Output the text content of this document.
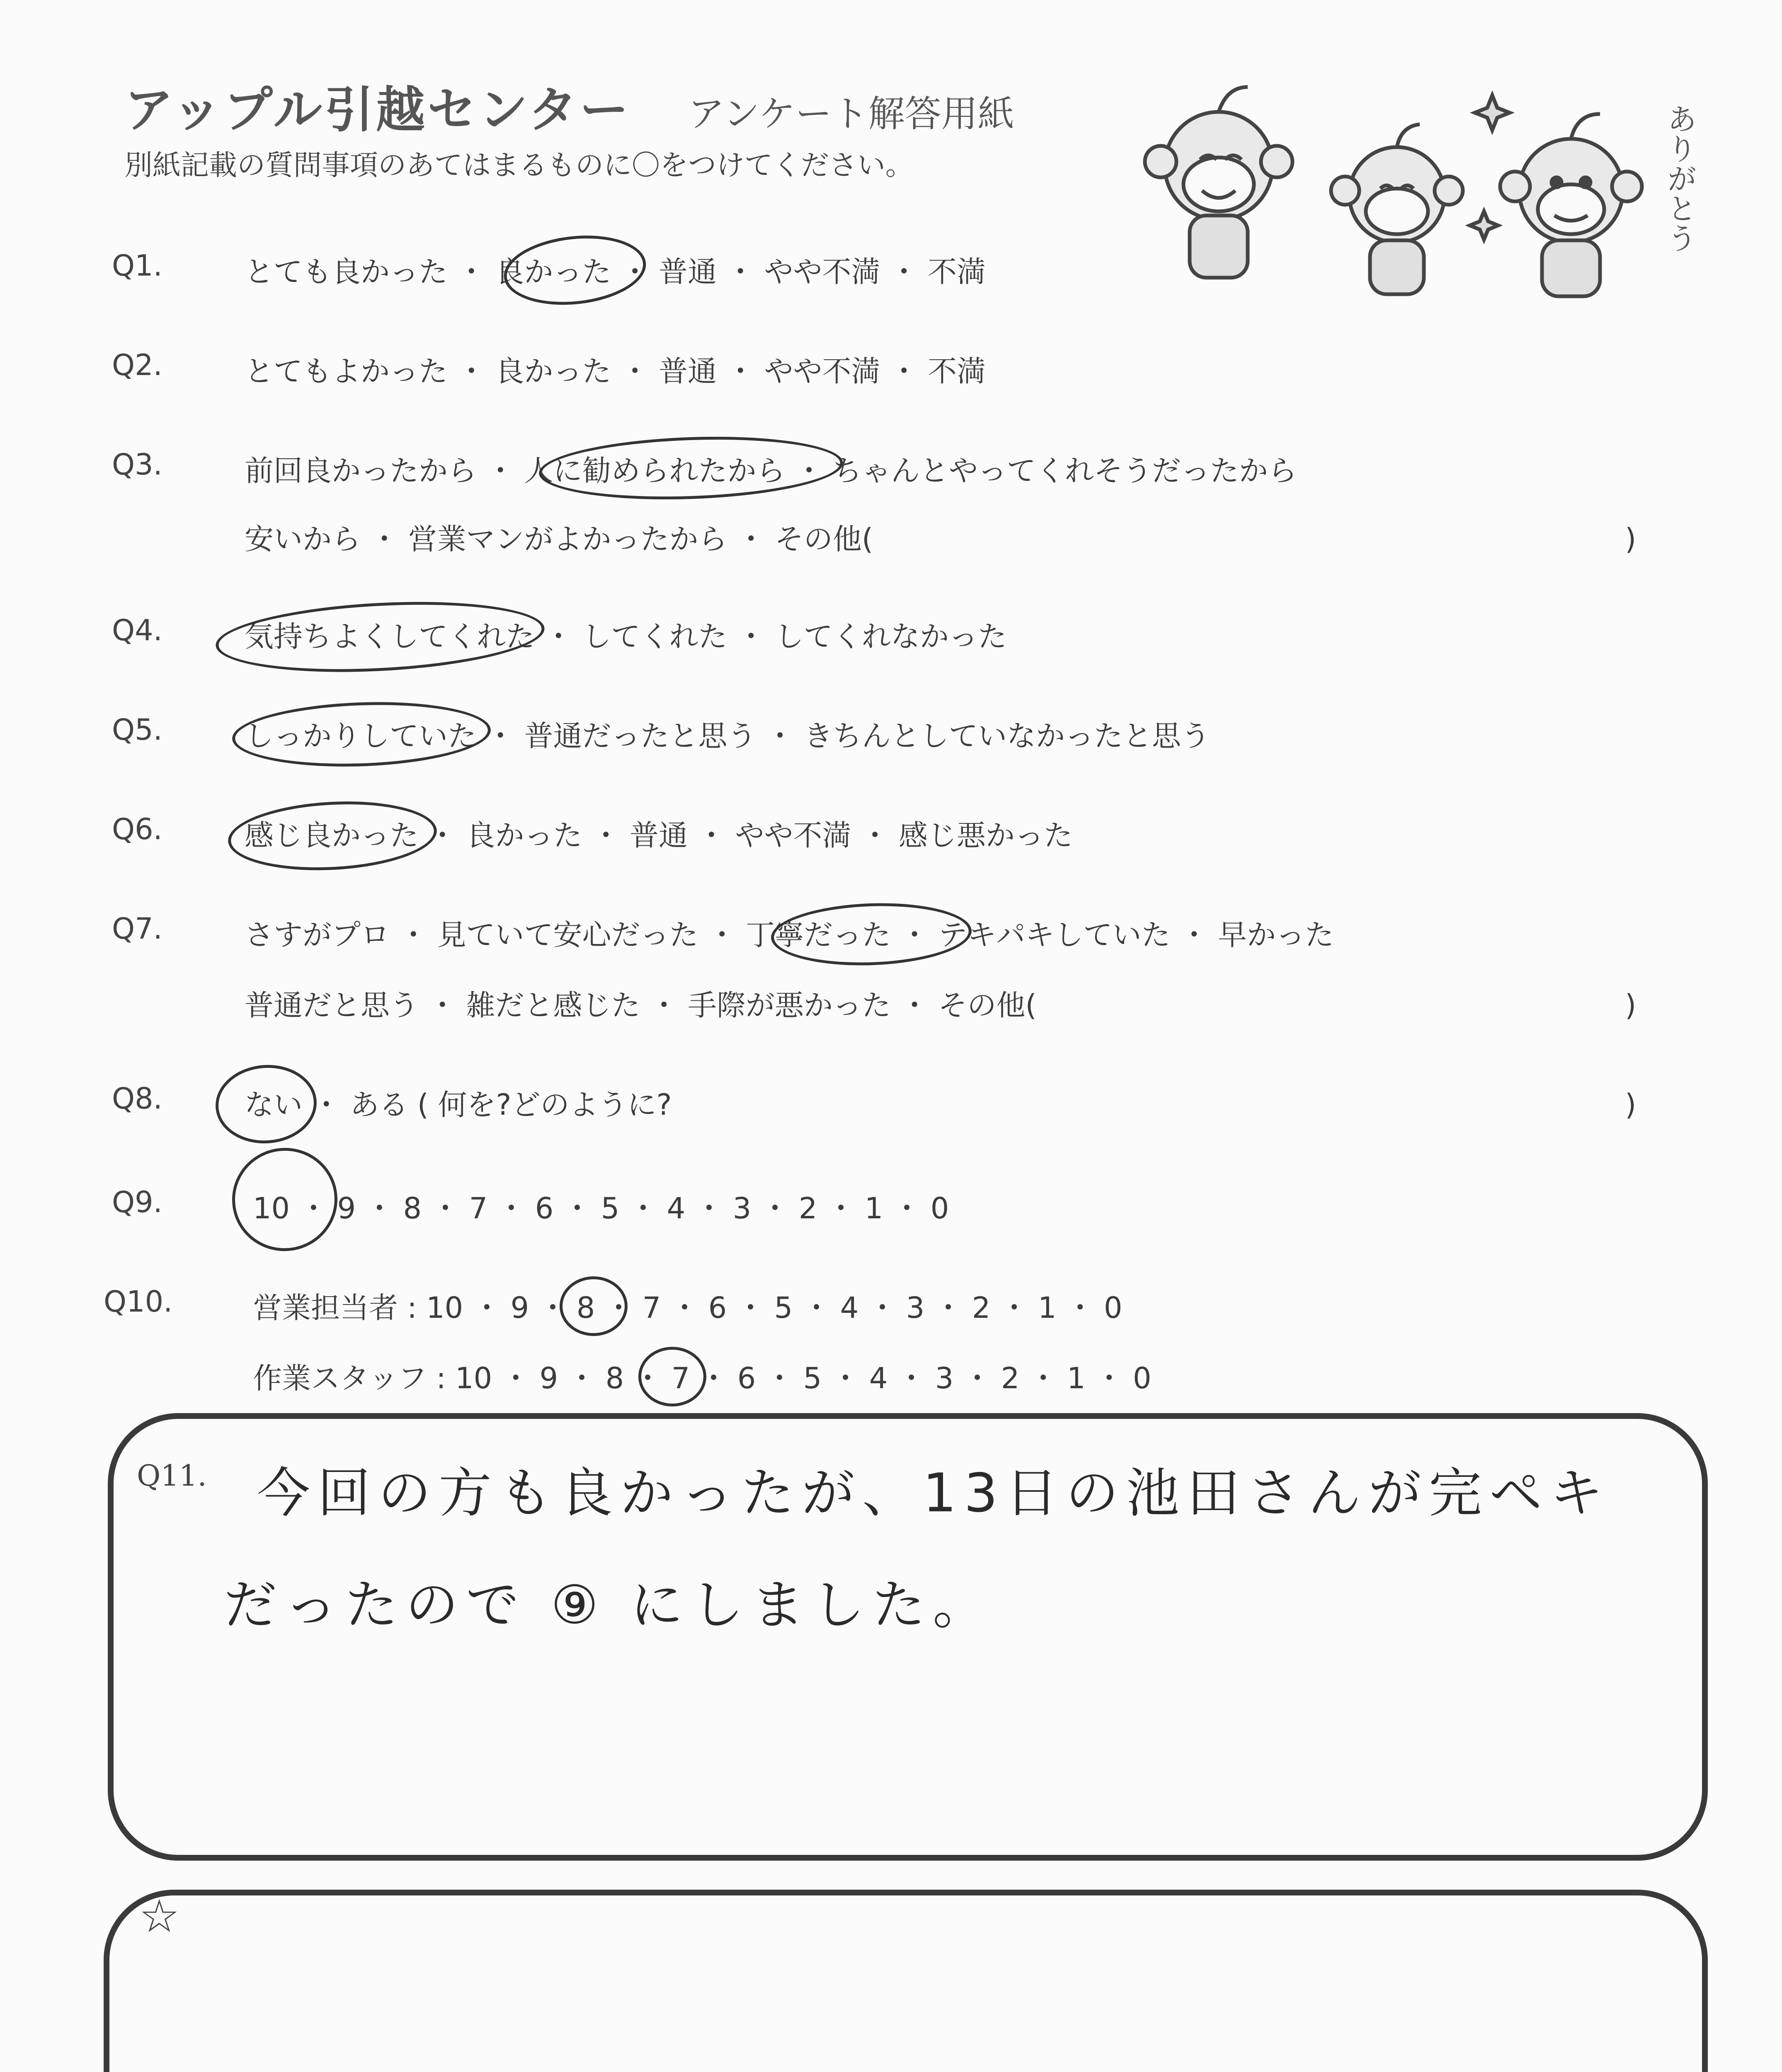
アップル引越センター アンケート解答用紙
別紙記載の質問事項のあてはまるものに〇をつけてください。	ありがとう
Q1.	とても良かった ・ 良かった ・ 普通 ・ やや不満 ・ 不満
Q2.	とてもよかった ・ 良かった ・ 普通 ・ やや不満 ・ 不満
Q3.	前回良かったから ・ 人に勧められたから ・ ちゃんとやってくれそうだったから
安いから ・ 営業マンがよかったから ・ その他(	)
Q4.	気持ちよくしてくれた ・ してくれた ・ してくれなかった
Q5.	しっかりしていた ・ 普通だったと思う ・ きちんとしていなかったと思う
Q6.	感じ良かった ・ 良かった ・ 普通 ・ やや不満 ・ 感じ悪かった
Q7.	さすがプロ ・ 見ていて安心だった ・ 丁寧だった ・ テキパキしていた ・ 早かった
普通だと思う ・ 雑だと感じた ・ 手際が悪かった ・ その他(	)
Q8.	ない ・ ある ( 何を?どのように?	)
Q9.	10 ・ 9 ・ 8 ・ 7 ・ 6 ・ 5 ・ 4 ・ 3 ・ 2 ・ 1 ・ 0
Q10.	営業担当者 : 10 ・ 9 ・ 8 ・ 7 ・ 6 ・ 5 ・ 4 ・ 3 ・ 2 ・ 1 ・ 0
作業スタッフ : 10 ・ 9 ・ 8 ・ 7 ・ 6 ・ 5 ・ 4 ・ 3 ・ 2 ・ 1 ・ 0
Q11. 今回の方も良かったが、13日の池田さんが完ペキ
だったので ⑨ にしました。
☆
